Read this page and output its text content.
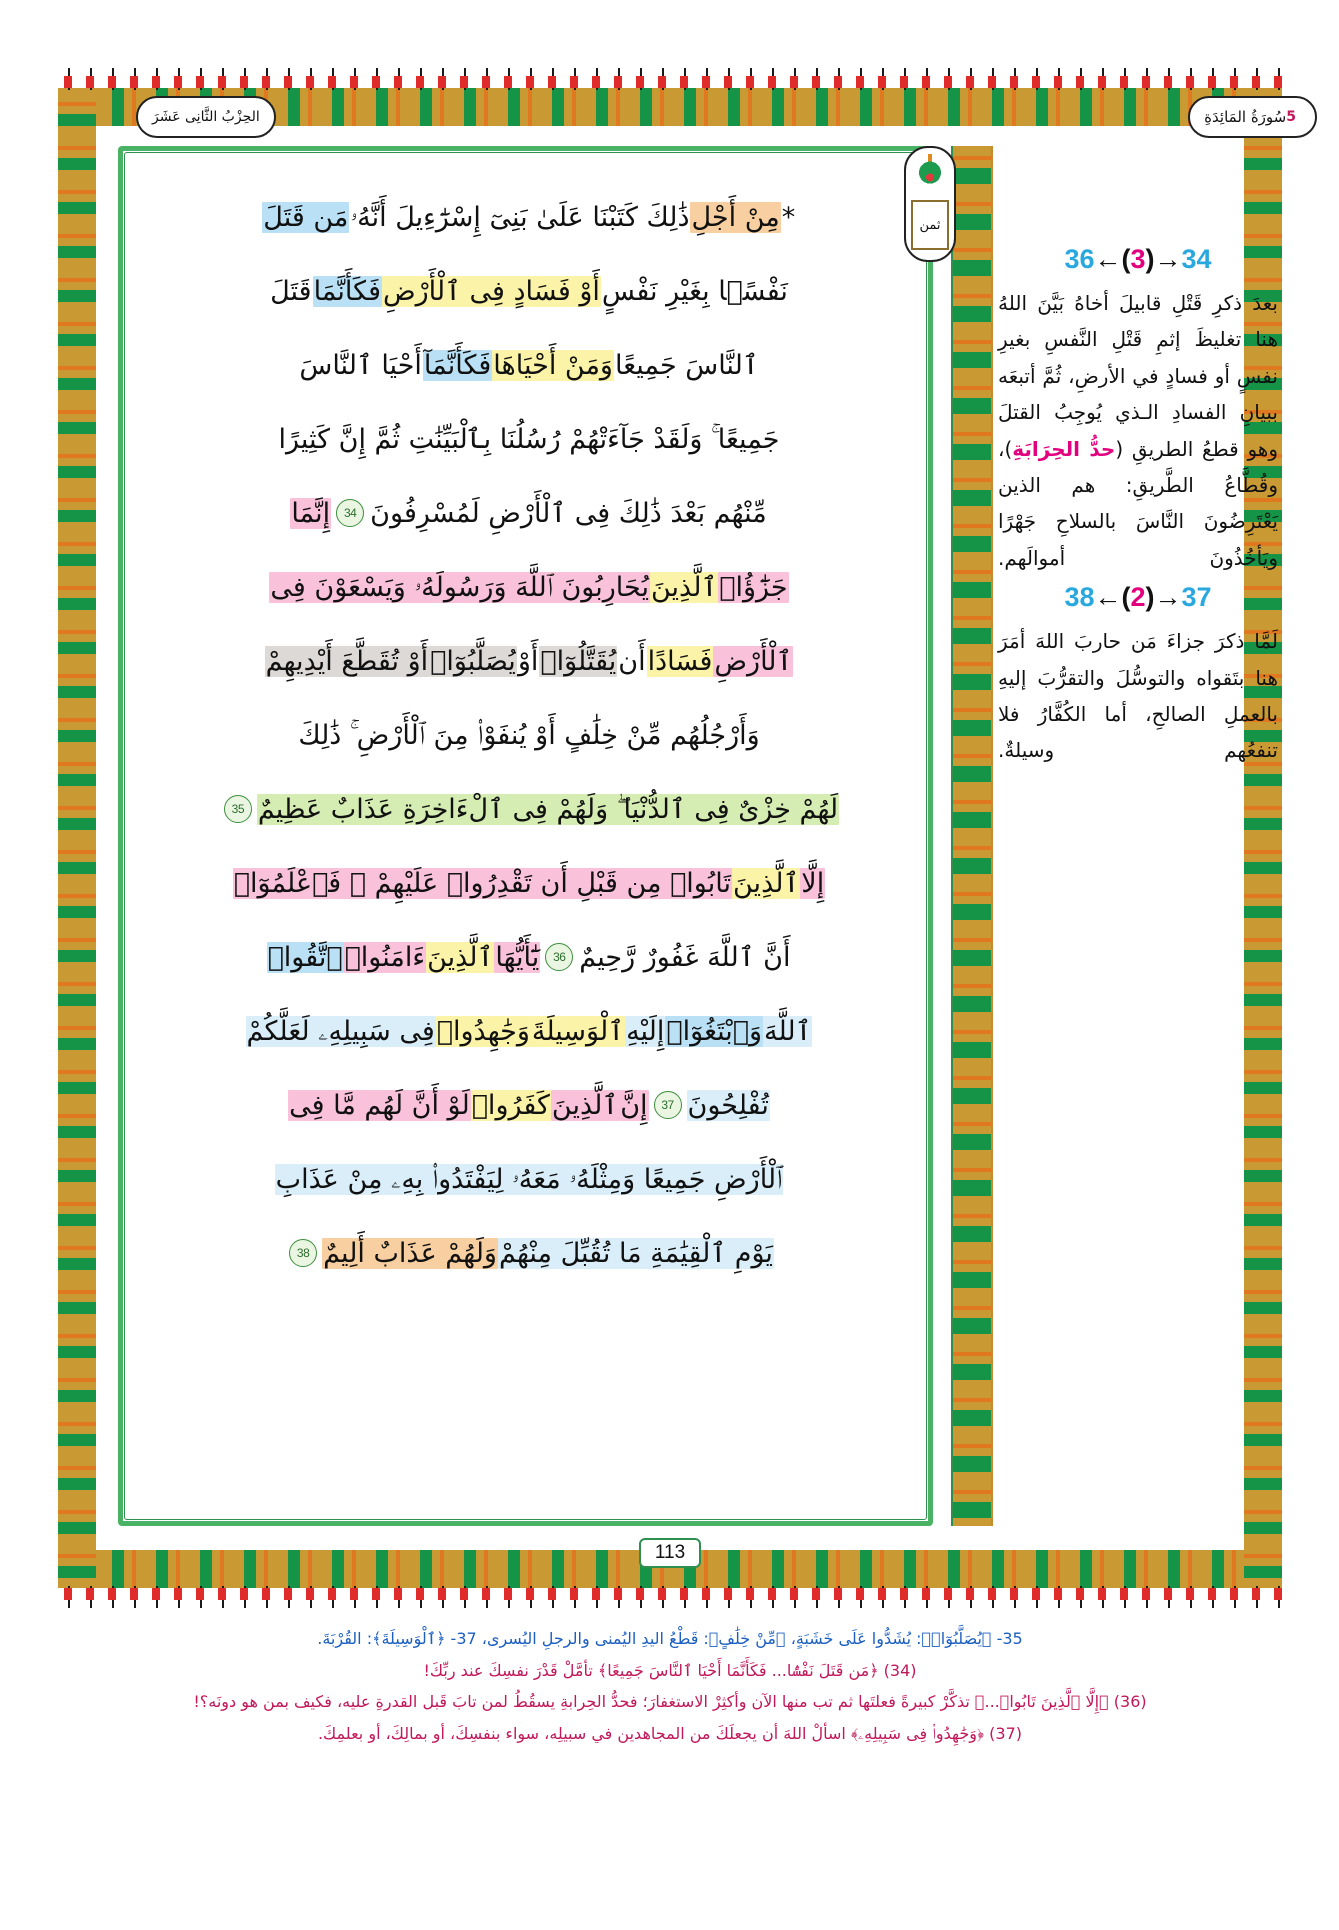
*
مِنْ أَجْلِ
ذَٰلِكَ كَتَبْنَا عَلَىٰ بَنِىٓ إِسْرَٰٓءِيلَ أَنَّهُۥ
مَن قَتَلَ
نَفْسًۢا بِغَيْرِ نَفْسٍ
أَوْ فَسَادٍ فِى ٱلْأَرْضِ
فَكَأَنَّمَا
قَتَلَ
ٱلنَّاسَ جَمِيعًا
وَمَنْ أَحْيَاهَا
فَكَأَنَّمَآ
أَحْيَا ٱلنَّاسَ
جَمِيعًا ۚ وَلَقَدْ جَآءَتْهُمْ رُسُلُنَا بِٱلْبَيِّنَٰتِ ثُمَّ إِنَّ كَثِيرًا
مِّنْهُم بَعْدَ ذَٰلِكَ فِى ٱلْأَرْضِ لَمُسْرِفُونَ
34
إِنَّمَا
جَزَٰٓؤُا۟
ٱلَّذِينَ
يُحَارِبُونَ ٱللَّهَ وَرَسُولَهُۥ وَيَسْعَوْنَ فِى
ٱلْأَرْضِ
فَسَادًا
أَن
يُقَتَّلُوٓا۟
أَوْ
يُصَلَّبُوٓا۟
أَوْ تُقَطَّعَ أَيْدِيهِمْ
وَأَرْجُلُهُم مِّنْ خِلَٰفٍ أَوْ يُنفَوْا۟ مِنَ ٱلْأَرْضِ ۚ ذَٰلِكَ
لَهُمْ خِزْىٌ فِى ٱلدُّنْيَا ۖ وَلَهُمْ فِى ٱلْءَاخِرَةِ عَذَابٌ عَظِيمٌ
35
إِلَّا
ٱلَّذِينَ
تَابُوا۟ مِن قَبْلِ أَن تَقْدِرُوا۟ عَلَيْهِمْ ۖ فَٱعْلَمُوٓا۟
أَنَّ ٱللَّهَ غَفُورٌ رَّحِيمٌ
36
يَٰٓأَيُّهَا
ٱلَّذِينَ
ءَامَنُوا۟
ٱتَّقُوا۟
ٱللَّهَ
وَٱبْتَغُوٓا۟
إِلَيْهِ
ٱلْوَسِيلَةَ
وَجَٰهِدُوا۟
فِى سَبِيلِهِۦ لَعَلَّكُمْ
تُفْلِحُونَ
37
إِنَّ
ٱلَّذِينَ
كَفَرُوا۟
لَوْ أَنَّ لَهُم مَّا فِى
ٱلْأَرْضِ جَمِيعًا وَمِثْلَهُۥ مَعَهُۥ لِيَفْتَدُوا۟ بِهِۦ مِنْ عَذَابِ
يَوْمِ ٱلْقِيَٰمَةِ مَا تُقُبِّلَ مِنْهُمْ
وَلَهُمْ عَذَابٌ أَلِيمٌ
38
36←(3)→34
بعدَ ذكرِ قَتْلِ قابيلَ أخاهُ بَيَّنَ اللهُ هنا تغليظَ إثمِ قَتْلِ النَّفسِ بغيرِ نفسٍ أو فسادٍ في الأرضِ، ثُمَّ أتبعَه ببيانِ الفسادِ الـذي يُوجِبُ القتلَ وهو قطعُ الطريقِ (حدُّ الحِرَابَةِ)، وقُطَّاعُ الطَّريقِ: هم الذين يَعْتَرِضُونَ النَّاسَ بالسلاحِ جَهْرًا ويَأخُذُونَ أموالَهم.
38←(2)→37
لَمَّا ذكرَ جزاءَ مَن حاربَ اللهَ أمَرَ هنا بتَقواه والتوسُّلَ والتقرُّبَ إليهِ بالعملِ الصالحِ، أما الكُفَّارُ فلا تنفعُهم وسيلةٌ.
113
5
سُورَةُ المَائِدَةِ
الحِزْبُ الثَّانِى عَشَرَ
ثمن
35- ﴿يُصَلَّبُوٓا۟﴾: يُشَدُّوا عَلَى خَشَبَةٍ، ﴿مِّنْ خِلَٰفٍ﴾: قَطْعُ اليدِ اليُمنى والرجلِ اليُسرى، 37- ﴿ٱلْوَسِيلَةَ﴾: القُرْبَةَ.
(34) ﴿مَن قَتَلَ نَفْسًۢا... فَكَأَنَّمَا أَحْيَا ٱلنَّاسَ جَمِيعًا﴾ تأمَّلْ قَدْرَ نفسِكَ عند ربِّكَ!
(36) ﴿إِلَّا ٱلَّذِينَ تَابُوا۟...﴾ تذكَّرْ كبيرةً فعلتَها ثم تب منها الآن وأكثِرْ الاستغفارَ؛ فحدُّ الحِرابةِ يسقُطُ لمن تابَ قَبل القدرةِ عليه، فكيف بمن هو دونَه؟!
(37) ﴿وَجَٰهِدُوا۟ فِى سَبِيلِهِۦ﴾ اسألْ اللهَ أن يجعلَكَ من المجاهدين في سبيلِه، سواء بنفسِكَ، أو بمالِكَ، أو بعلمِكَ.
